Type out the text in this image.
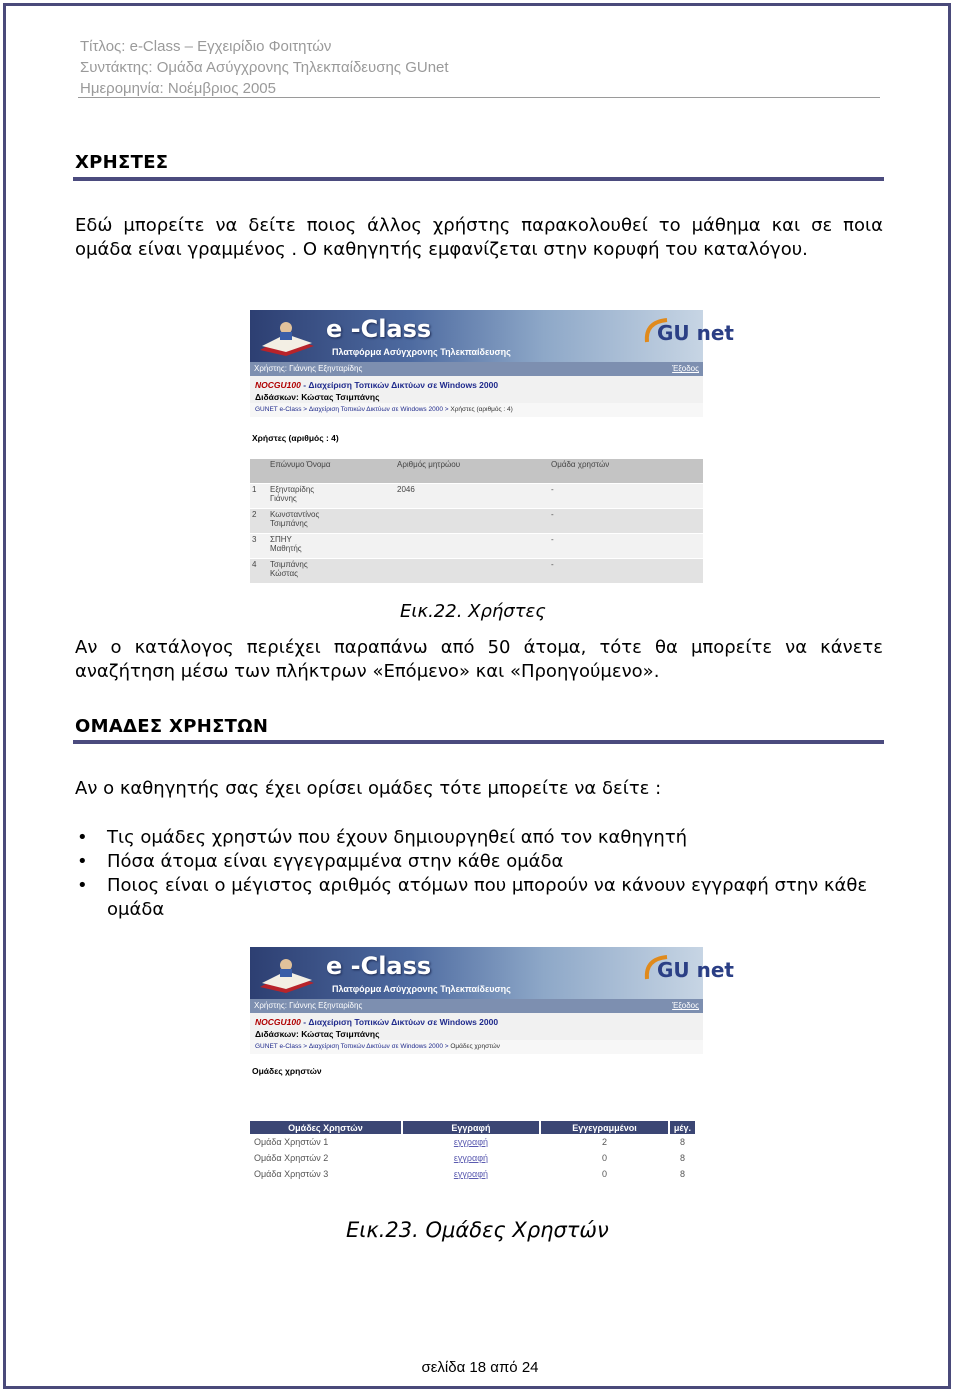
Τίτλος: e-Class – Εγχειρίδιο Φοιτητών
Συντάκτης: Ομάδα Ασύγχρονης Τηλεκπαίδευσης GUnet
Ημερομηνία: Νοέμβριος 2005
ΧΡΗΣΤΕΣ
Εδώ μπορείτε να δείτε ποιος άλλος χρήστης παρακολουθεί το μάθημα και σε ποια ομάδα είναι γραμμένος . Ο καθηγητής εμφανίζεται στην κορυφή του καταλόγου.
e -Class
Πλατφόρμα Ασύγχρονης Τηλεκπαίδευσης
GU net
Χρήστης: Γιάννης Εξηνταρίδης	Έξοδος
NOCGU100 - Διαχείριση Τοπικών Δικτύων σε Windows 2000
Διδάσκων: Κώστας Τσιμπάνης
GUNET e-Class > Διαχείριση Τοπικών Δικτύων σε Windows 2000 > Χρήστες (αριθμός : 4)
Χρήστες (αριθμός : 4)
	Επώνυμο Όνομα	Αριθμός μητρώου	Ομάδα χρηστών
1	Εξηνταρίδης
Γιάννης	2046	-
2	Κωνσταντίνος
Τσιμπάνης		-
3	ΣΠΗΥ
Μαθητής		-
4	Τσιμπάνης
Κώστας		-
Εικ.22. Χρήστες
Αν ο κατάλογος περιέχει παραπάνω από 50 άτομα, τότε θα μπορείτε να κάνετε αναζήτηση μέσω των πλήκτρων «Επόμενο» και «Προηγούμενο».
ΟΜΑΔΕΣ ΧΡΗΣΤΩΝ
Αν ο καθηγητής σας έχει ορίσει ομάδες τότε μπορείτε να δείτε :
• Τις ομάδες χρηστών που έχουν δημιουργηθεί από τον καθηγητή
• Πόσα άτομα είναι εγγεγραμμένα στην κάθε ομάδα
• Ποιος είναι ο μέγιστος αριθμός ατόμων που μπορούν να κάνουν εγγραφή στην κάθε ομάδα
e -Class
Πλατφόρμα Ασύγχρονης Τηλεκπαίδευσης
GU net
Χρήστης: Γιάννης Εξηνταρίδης	Έξοδος
NOCGU100 - Διαχείριση Τοπικών Δικτύων σε Windows 2000
Διδάσκων: Κώστας Τσιμπάνης
GUNET e-Class > Διαχείριση Τοπικών Δικτύων σε Windows 2000 > Ομάδες χρηστών
Ομάδες χρηστών
Ομάδες Χρηστών	Εγγραφή	Εγγεγραμμένοι	μέγ.
Ομάδα Χρηστών 1	εγγραφή	2	8
Ομάδα Χρηστών 2	εγγραφή	0	8
Ομάδα Χρηστών 3	εγγραφή	0	8
Εικ.23. Ομάδες Χρηστών
σελίδα 18 από 24
